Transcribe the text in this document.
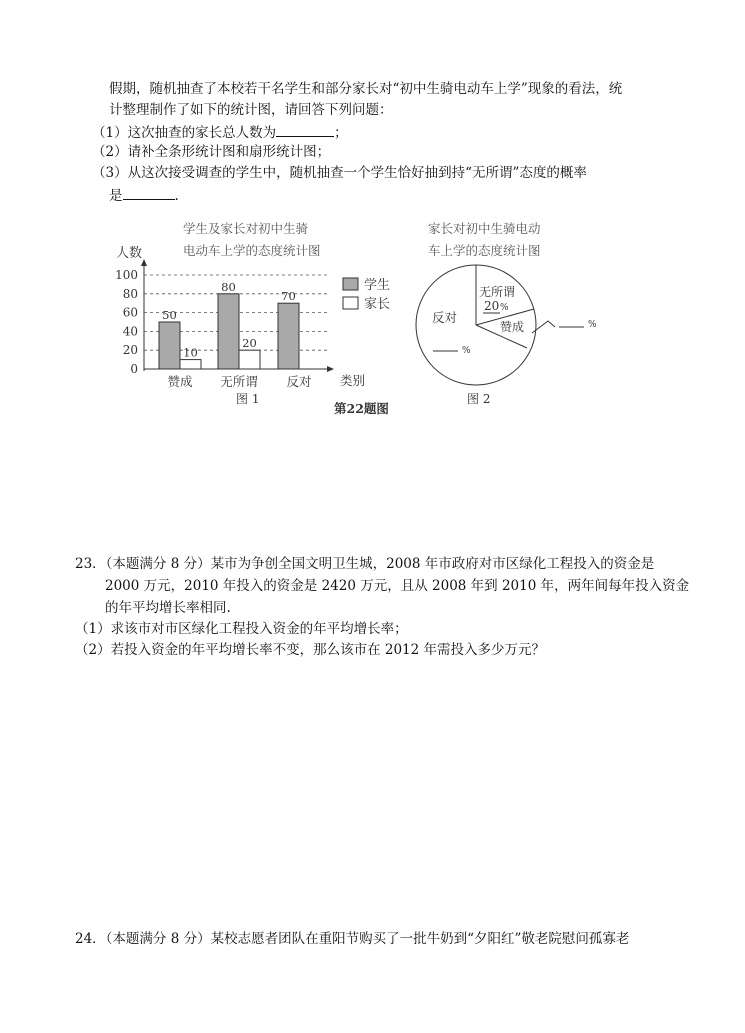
假期，随机抽查了本校若干名学生和部分家长对“初中生骑电动车上学”现象的看法，统
计整理制作了如下的统计图，请回答下列问题：
（1）这次抽查的家长总人数为	；
（2）请补全条形统计图和扇形统计图；
（3）从这次接受调查的学生中，随机抽查一个学生恰好抽到持“无所谓”态度的概率
是	.
学生及家长对初中生骑
电动车上学的态度统计图
人数
0
20
40
60
80
100
50
10
80
20
70
赞成 无所谓 反对 类别
图 1
第22题图
学生
家长
家长对初中生骑电动
车上学的态度统计图
无所谓
20 %
反对
%
赞成	%
图 2
23．（本题满分 8 分）某市为争创全国文明卫生城，2008 年市政府对市区绿化工程投入的资金是
2000 万元，2010 年投入的资金是 2420 万元，且从 2008 年到 2010 年，两年间每年投入资金
的年平均增长率相同.
（1）求该市对市区绿化工程投入资金的年平均增长率；
（2）若投入资金的年平均增长率不变，那么该市在 2012 年需投入多少万元？
24．（本题满分 8 分）某校志愿者团队在重阳节购买了一批牛奶到“夕阳红”敬老院慰问孤寡老
